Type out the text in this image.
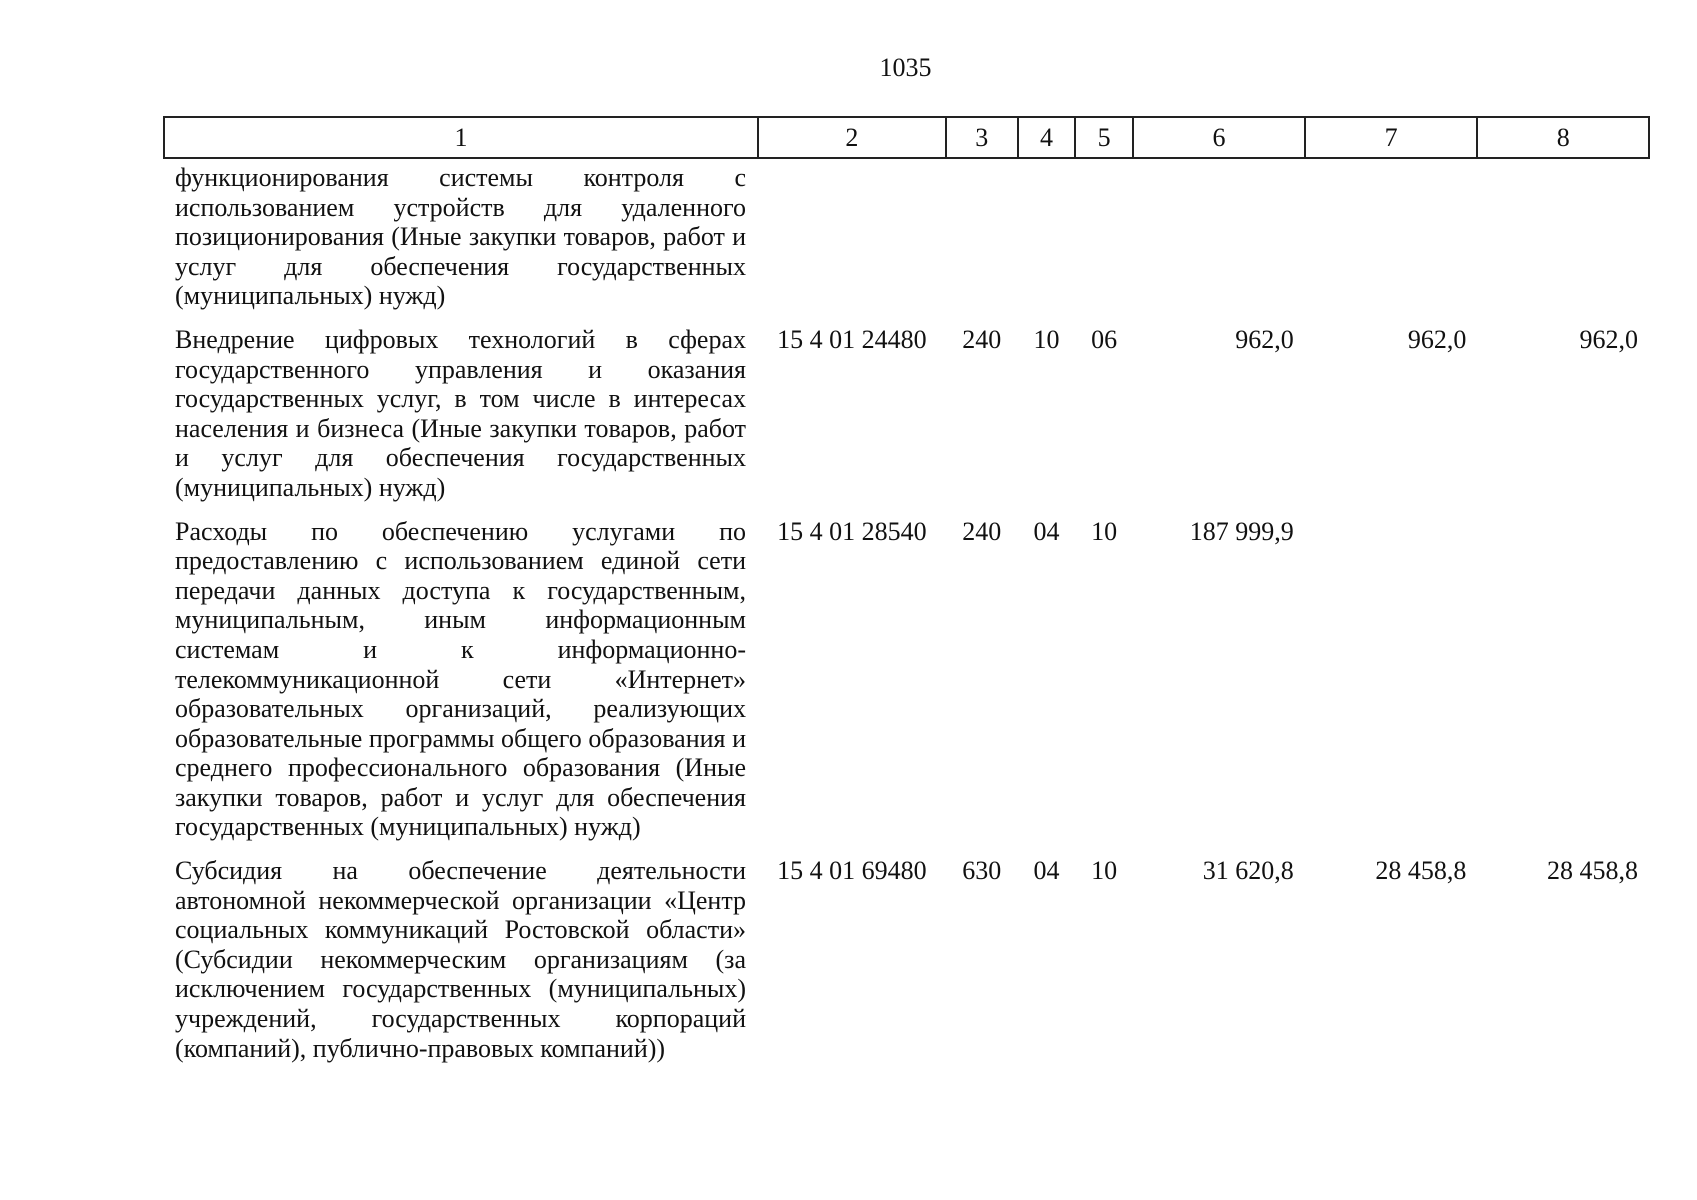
1035
1	2	3	4	5	6	7	8
функционирования системы контроля с использованием устройств для удаленного позиционирования (Иные закупки товаров, работ и услуг для обеспечения государственных (муниципальных) нужд)							
Внедрение цифровых технологий в сферах государственного управления и оказания государственных услуг, в том числе в интересах населения и бизнеса (Иные закупки товаров, работ и услуг для обеспечения государственных (муниципальных) нужд)	15 4 01 24480	240	10	06	962,0	962,0	962,0
Расходы по обеспечению услугами по предоставлению с использованием единой сети передачи данных доступа к государственным, муниципальным, иным информационным системам и к информационно- телекоммуникационной сети «Интернет» образовательных организаций, реализующих образовательные программы общего образования и среднего профессионального образования (Иные закупки товаров, работ и услуг для обеспечения государственных (муниципальных) нужд)	15 4 01 28540	240	04	10	187 999,9		
Субсидия на обеспечение деятельности автономной некоммерческой организации «Центр социальных коммуникаций Ростовской области» (Субсидии некоммерческим организациям (за исключением государственных (муниципальных) учреждений, государственных корпораций (компаний), публично-правовых компаний))	15 4 01 69480	630	04	10	31 620,8	28 458,8	28 458,8
